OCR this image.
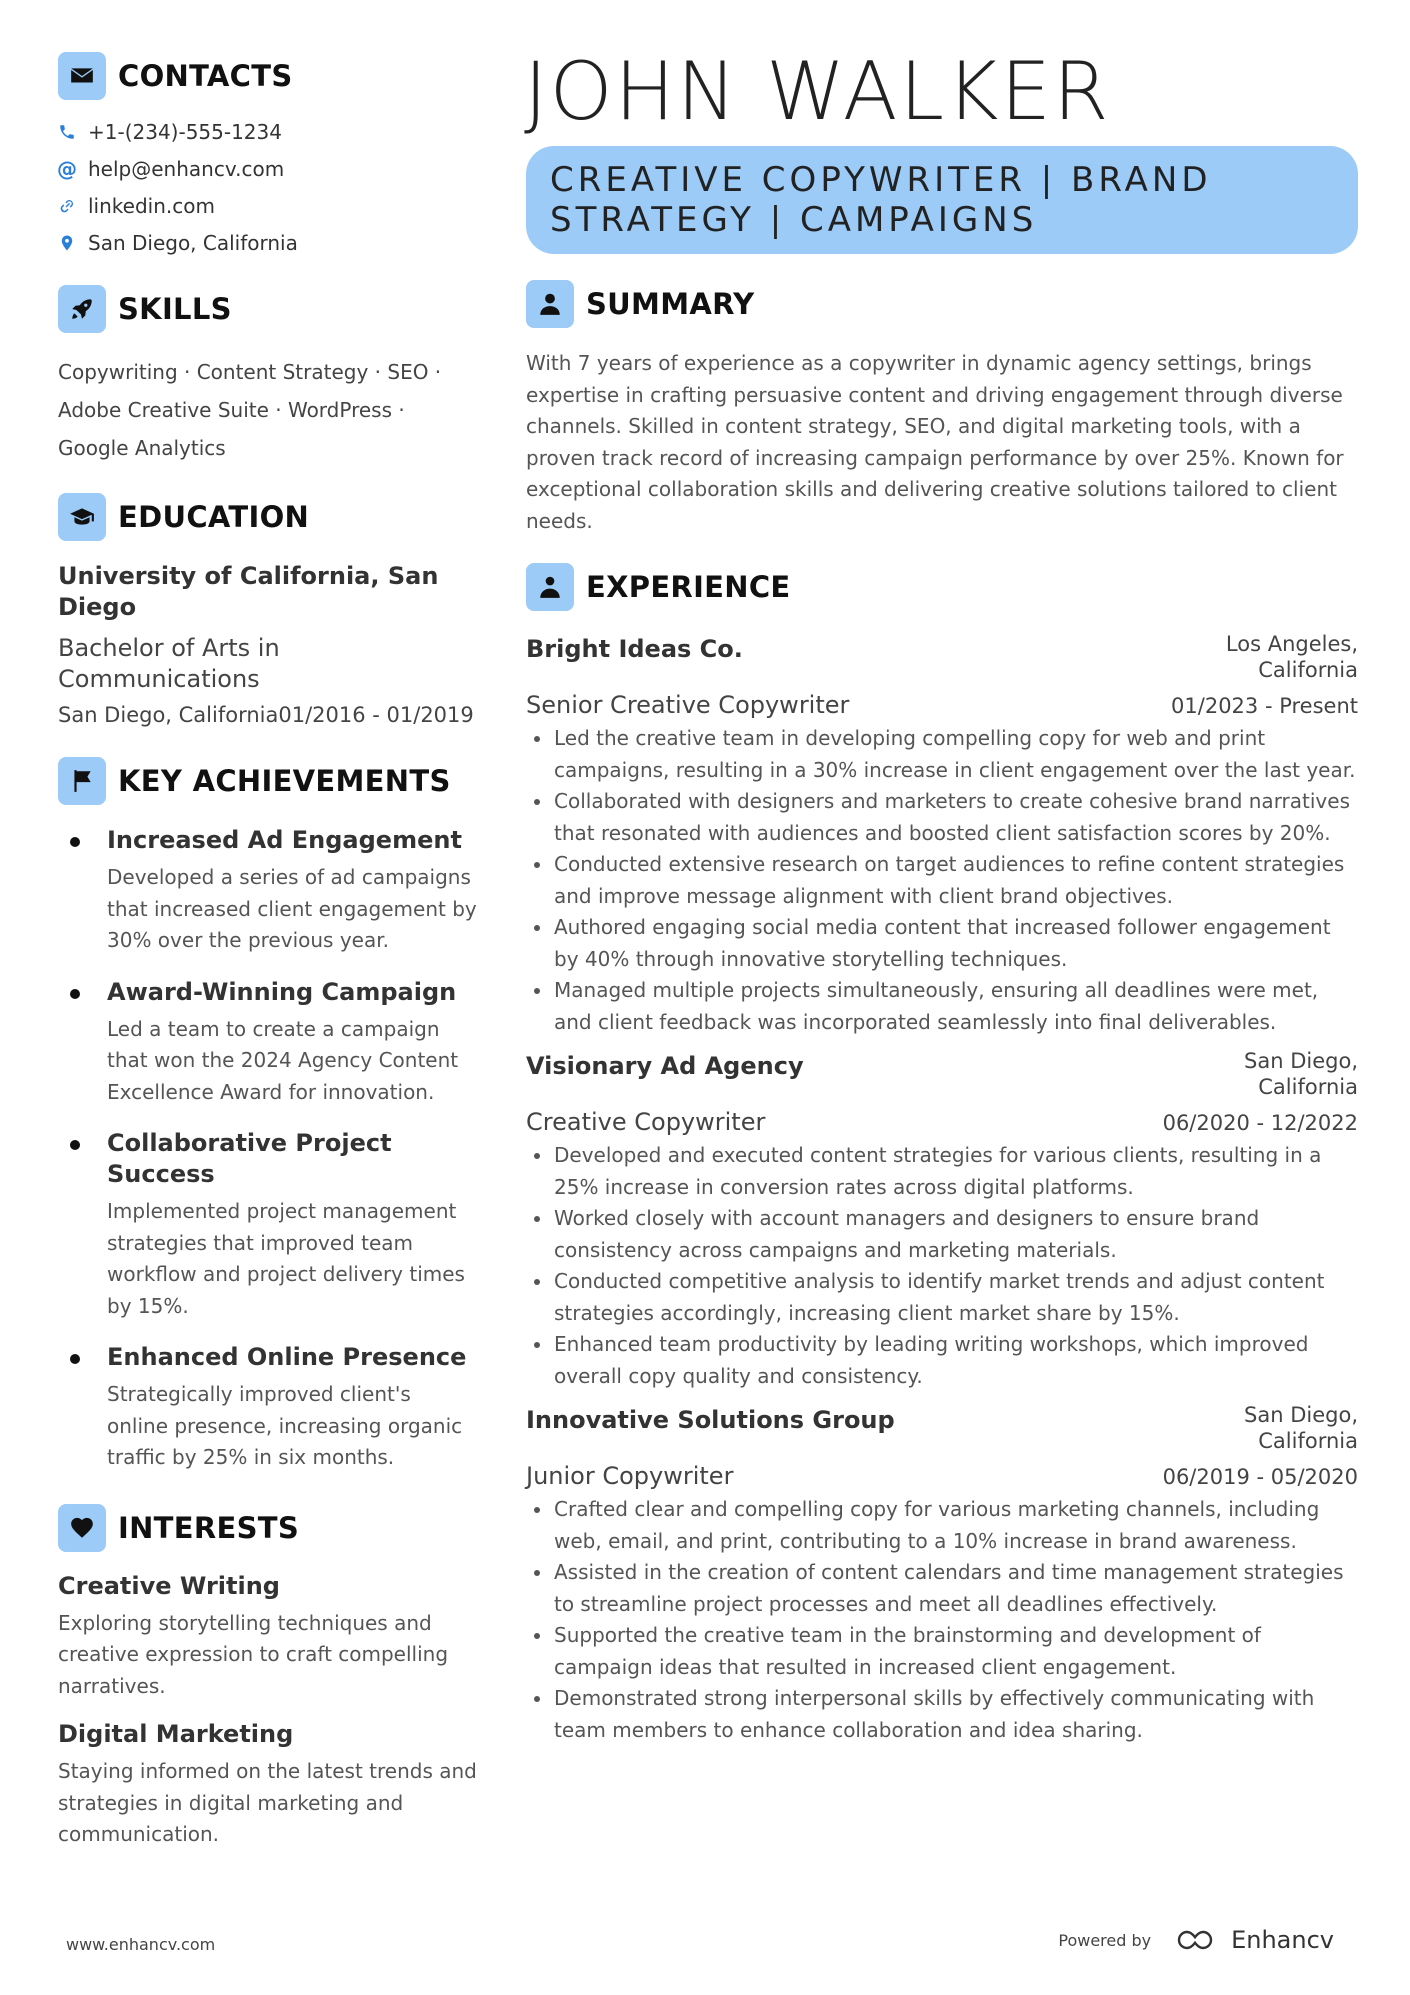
CONTACTS
+1-(234)-555-1234
@ help@enhancv.com
linkedin.com
San Diego, California
SKILLS
Copywriting · Content Strategy · SEO · Adobe Creative Suite · WordPress · Google Analytics
EDUCATION
University of California, San Diego
Bachelor of Arts in Communications
San Diego, California01/2016 - 01/2019
KEY ACHIEVEMENTS
Increased Ad Engagement
Developed a series of ad campaigns that increased client engagement by 30% over the previous year.
Award-Winning Campaign
Led a team to create a campaign that won the 2024 Agency Content Excellence Award for innovation.
Collaborative Project Success
Implemented project management strategies that improved team workflow and project delivery times by 15%.
Enhanced Online Presence
Strategically improved client's online presence, increasing organic traffic by 25% in six months.
INTERESTS
Creative Writing
Exploring storytelling techniques and creative expression to craft compelling narratives.
Digital Marketing
Staying informed on the latest trends and strategies in digital marketing and communication.
JOHN WALKER
CREATIVE COPYWRITER | BRAND STRATEGY | CAMPAIGNS
SUMMARY
With 7 years of experience as a copywriter in dynamic agency settings, brings expertise in crafting persuasive content and driving engagement through diverse channels. Skilled in content strategy, SEO, and digital marketing tools, with a proven track record of increasing campaign performance by over 25%. Known for exceptional collaboration skills and delivering creative solutions tailored to client needs.
EXPERIENCE
Bright Ideas Co.	Los Angeles, California
Senior Creative Copywriter	01/2023 - Present
Led the creative team in developing compelling copy for web and print campaigns, resulting in a 30% increase in client engagement over the last year.
Collaborated with designers and marketers to create cohesive brand narratives that resonated with audiences and boosted client satisfaction scores by 20%.
Conducted extensive research on target audiences to refine content strategies and improve message alignment with client brand objectives.
Authored engaging social media content that increased follower engagement by 40% through innovative storytelling techniques.
Managed multiple projects simultaneously, ensuring all deadlines were met, and client feedback was incorporated seamlessly into final deliverables.
Visionary Ad Agency	San Diego, California
Creative Copywriter	06/2020 - 12/2022
Developed and executed content strategies for various clients, resulting in a 25% increase in conversion rates across digital platforms.
Worked closely with account managers and designers to ensure brand consistency across campaigns and marketing materials.
Conducted competitive analysis to identify market trends and adjust content strategies accordingly, increasing client market share by 15%.
Enhanced team productivity by leading writing workshops, which improved overall copy quality and consistency.
Innovative Solutions Group	San Diego, California
Junior Copywriter	06/2019 - 05/2020
Crafted clear and compelling copy for various marketing channels, including web, email, and print, contributing to a 10% increase in brand awareness.
Assisted in the creation of content calendars and time management strategies to streamline project processes and meet all deadlines effectively.
Supported the creative team in the brainstorming and development of campaign ideas that resulted in increased client engagement.
Demonstrated strong interpersonal skills by effectively communicating with team members to enhance collaboration and idea sharing.
www.enhancv.com	Powered by	Enhancv
